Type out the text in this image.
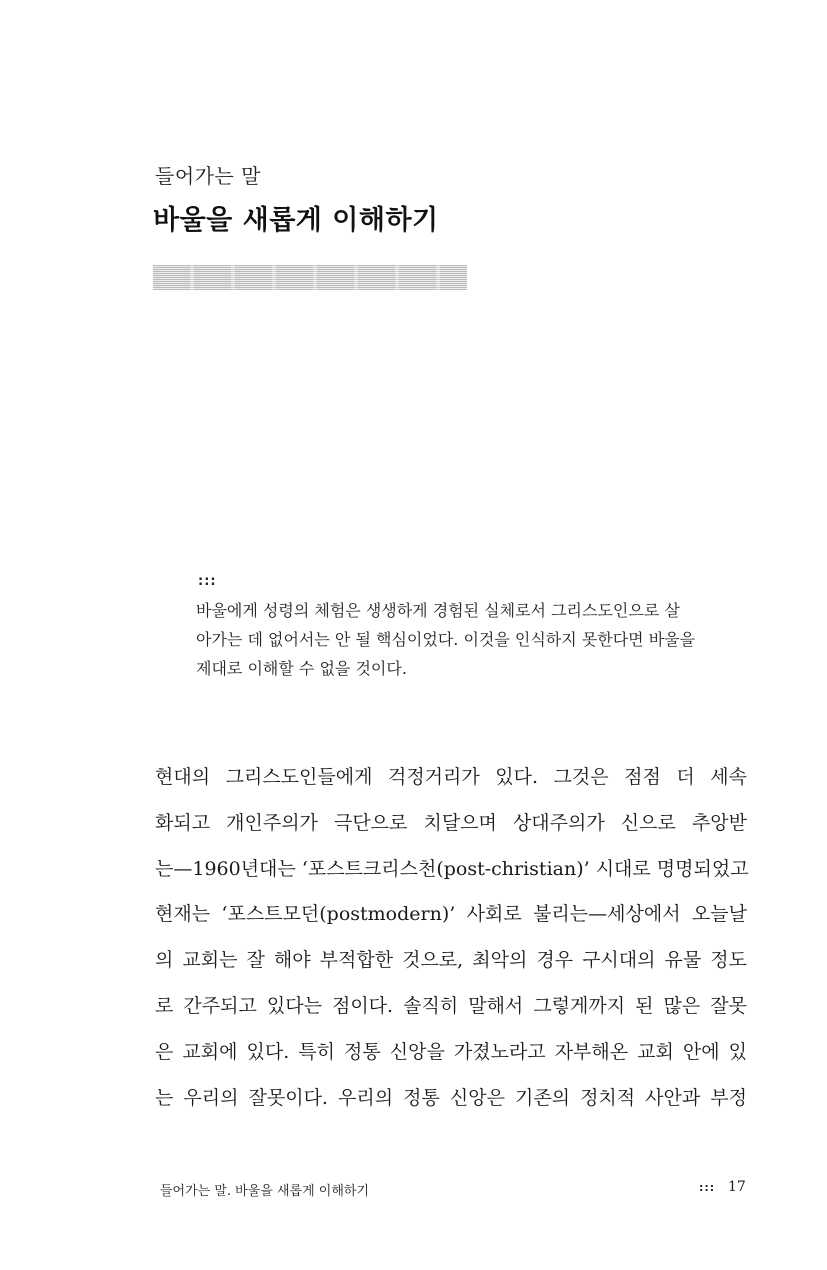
들어가는 말
바울을 새롭게 이해하기
:::
바울에게 성령의 체험은 생생하게 경험된 실체로서 그리스도인으로 살
아가는 데 없어서는 안 될 핵심이었다. 이것을 인식하지 못한다면 바울을
제대로 이해할 수 없을 것이다.
현대의 그리스도인들에게 걱정거리가 있다. 그것은 점점 더 세속
화되고 개인주의가 극단으로 치달으며 상대주의가 신으로 추앙받
는—1960년대는 ‘포스트크리스천(post-christian)’ 시대로 명명되었고
현재는 ‘포스트모던(postmodern)’ 사회로 불리는—세상에서 오늘날
의 교회는 잘 해야 부적합한 것으로, 최악의 경우 구시대의 유물 정도
로 간주되고 있다는 점이다. 솔직히 말해서 그렇게까지 된 많은 잘못
은 교회에 있다. 특히 정통 신앙을 가졌노라고 자부해온 교회 안에 있
는 우리의 잘못이다. 우리의 정통 신앙은 기존의 정치적 사안과 부정
들어가는 말. 바울을 새롭게 이해하기	::: 17
